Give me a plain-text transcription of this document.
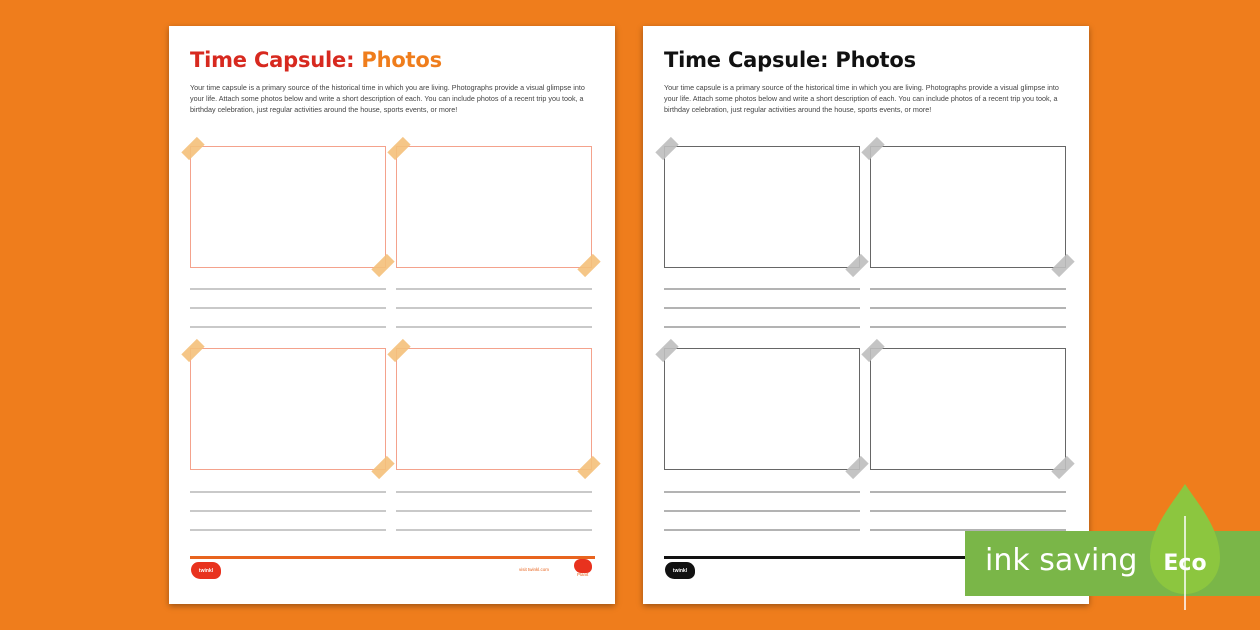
Time Capsule: Photos
Your time capsule is a primary source of the historical time in which you are living. Photographs provide a visual glimpse into your life. Attach some photos below and write a short description of each. You can include photos of a recent trip you took, a birthday celebration, just regular activities around the house, sports events, or more!
twinkl	visit twinkl.com
Planit
Time Capsule: Photos
Your time capsule is a primary source of the historical time in which you are living. Photographs provide a visual glimpse into your life. Attach some photos below and write a short description of each. You can include photos of a recent trip you took, a birthday celebration, just regular activities around the house, sports events, or more!
twinkl	ink saving Eco
